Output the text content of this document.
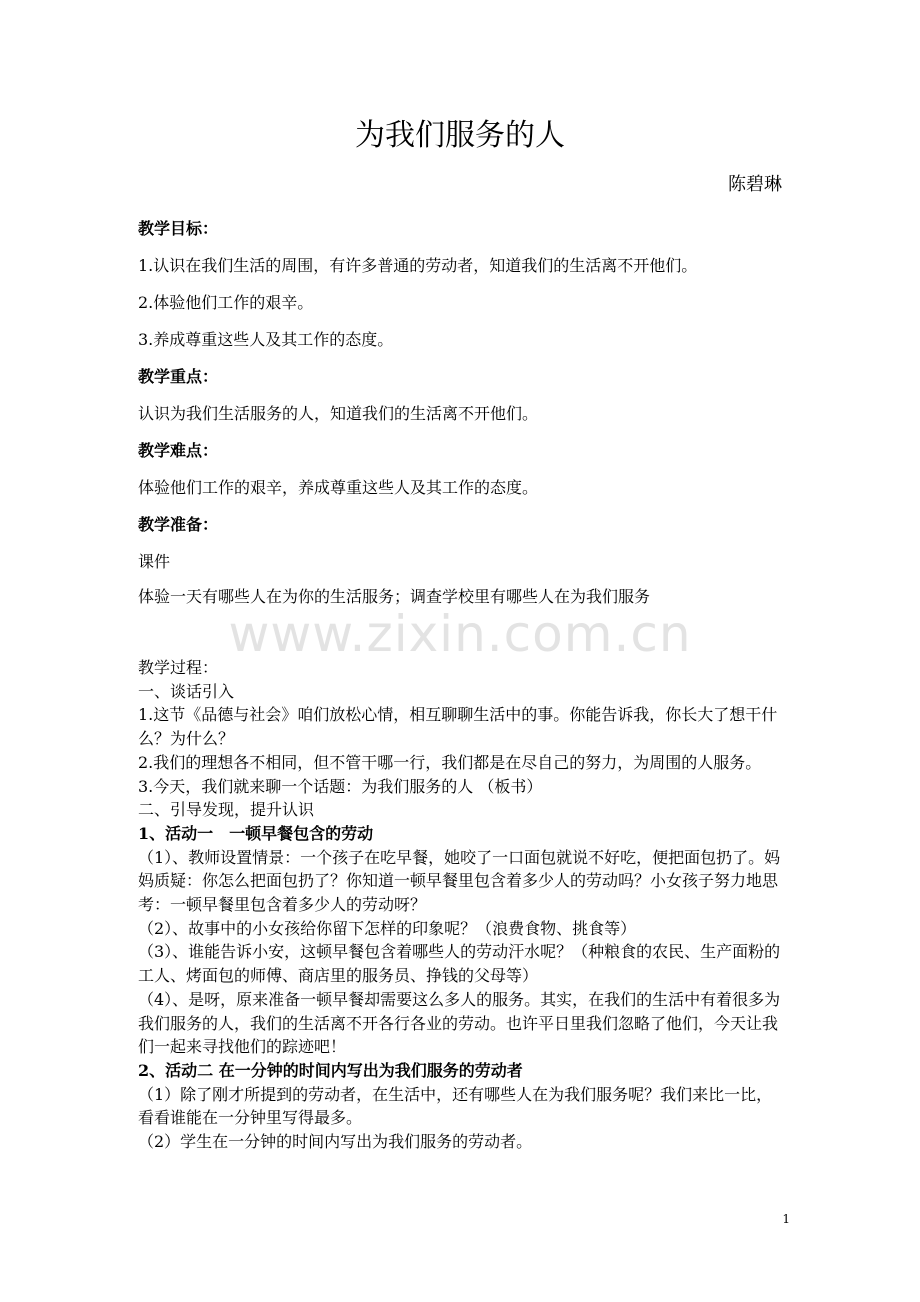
为我们服务的人
陈碧琳

教学目标：

1.认识在我们生活的周围，有许多普通的劳动者，知道我们的生活离不开他们。

2.体验他们工作的艰辛。

3.养成尊重这些人及其工作的态度。

教学重点：

认识为我们生活服务的人，知道我们的生活离不开他们。

教学难点：

体验他们工作的艰辛，养成尊重这些人及其工作的态度。

教学准备：

课件

体验一天有哪些人在为你的生活服务；调查学校里有哪些人在为我们服务

www.zixin.com.cn

教学过程：

一、谈话引入

1.这节《品德与社会》咱们放松心情，相互聊聊生活中的事。你能告诉我，你长大了想干什么？为什么？

2.我们的理想各不相同，但不管干哪一行，我们都是在尽自己的努力，为周围的人服务。

3.今天，我们就来聊一个话题：为我们服务的人 （板书）

二、引导发现，提升认识

1、活动一　一顿早餐包含的劳动

（1）、教师设置情景：一个孩子在吃早餐，她咬了一口面包就说不好吃，便把面包扔了。妈妈质疑：你怎么把面包扔了？你知道一顿早餐里包含着多少人的劳动吗？小女孩子努力地思考：一顿早餐里包含着多少人的劳动呀？

（2）、故事中的小女孩给你留下怎样的印象呢？（浪费食物、挑食等）

（3）、谁能告诉小安，这顿早餐包含着哪些人的劳动汗水呢？（种粮食的农民、生产面粉的工人、烤面包的师傅、商店里的服务员、挣钱的父母等）

（4）、是呀，原来准备一顿早餐却需要这么多人的服务。其实，在我们的生活中有着很多为我们服务的人，我们的生活离不开各行各业的劳动。也许平日里我们忽略了他们，今天让我们一起来寻找他们的踪迹吧！

2、活动二 在一分钟的时间内写出为我们服务的劳动者

（1）除了刚才所提到的劳动者，在生活中，还有哪些人在为我们服务呢？我们来比一比，看看谁能在一分钟里写得最多。

（2）学生在一分钟的时间内写出为我们服务的劳动者。

1
